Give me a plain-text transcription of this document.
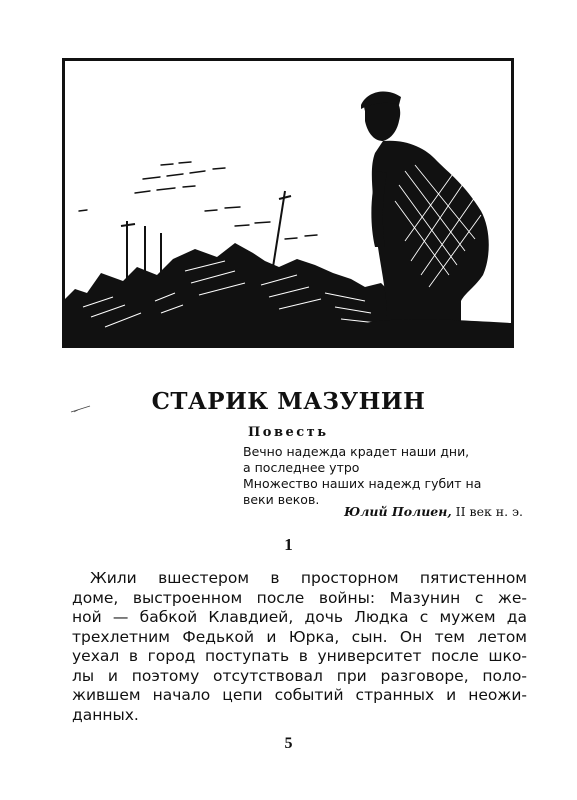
СТАРИК МАЗУНИН
Повесть

Вечно надежда крадет наши дни,

а последнее утро

Множество наших надежд губит на

веки веков.

Юлий Полиен, II век н. э.
1
Жили вшестером в просторном пятистенном
доме, выстроенном после войны: Мазунин с же-
ной — бабкой Клавдией, дочь Людка с мужем да
трехлетним Федькой и Юрка, сын. Он тем летом
уехал в город поступать в университет после шко-
лы и поэтому отсутствовал при разговоре, поло-
жившем начало цепи событий странных и неожи-
данных.
5
